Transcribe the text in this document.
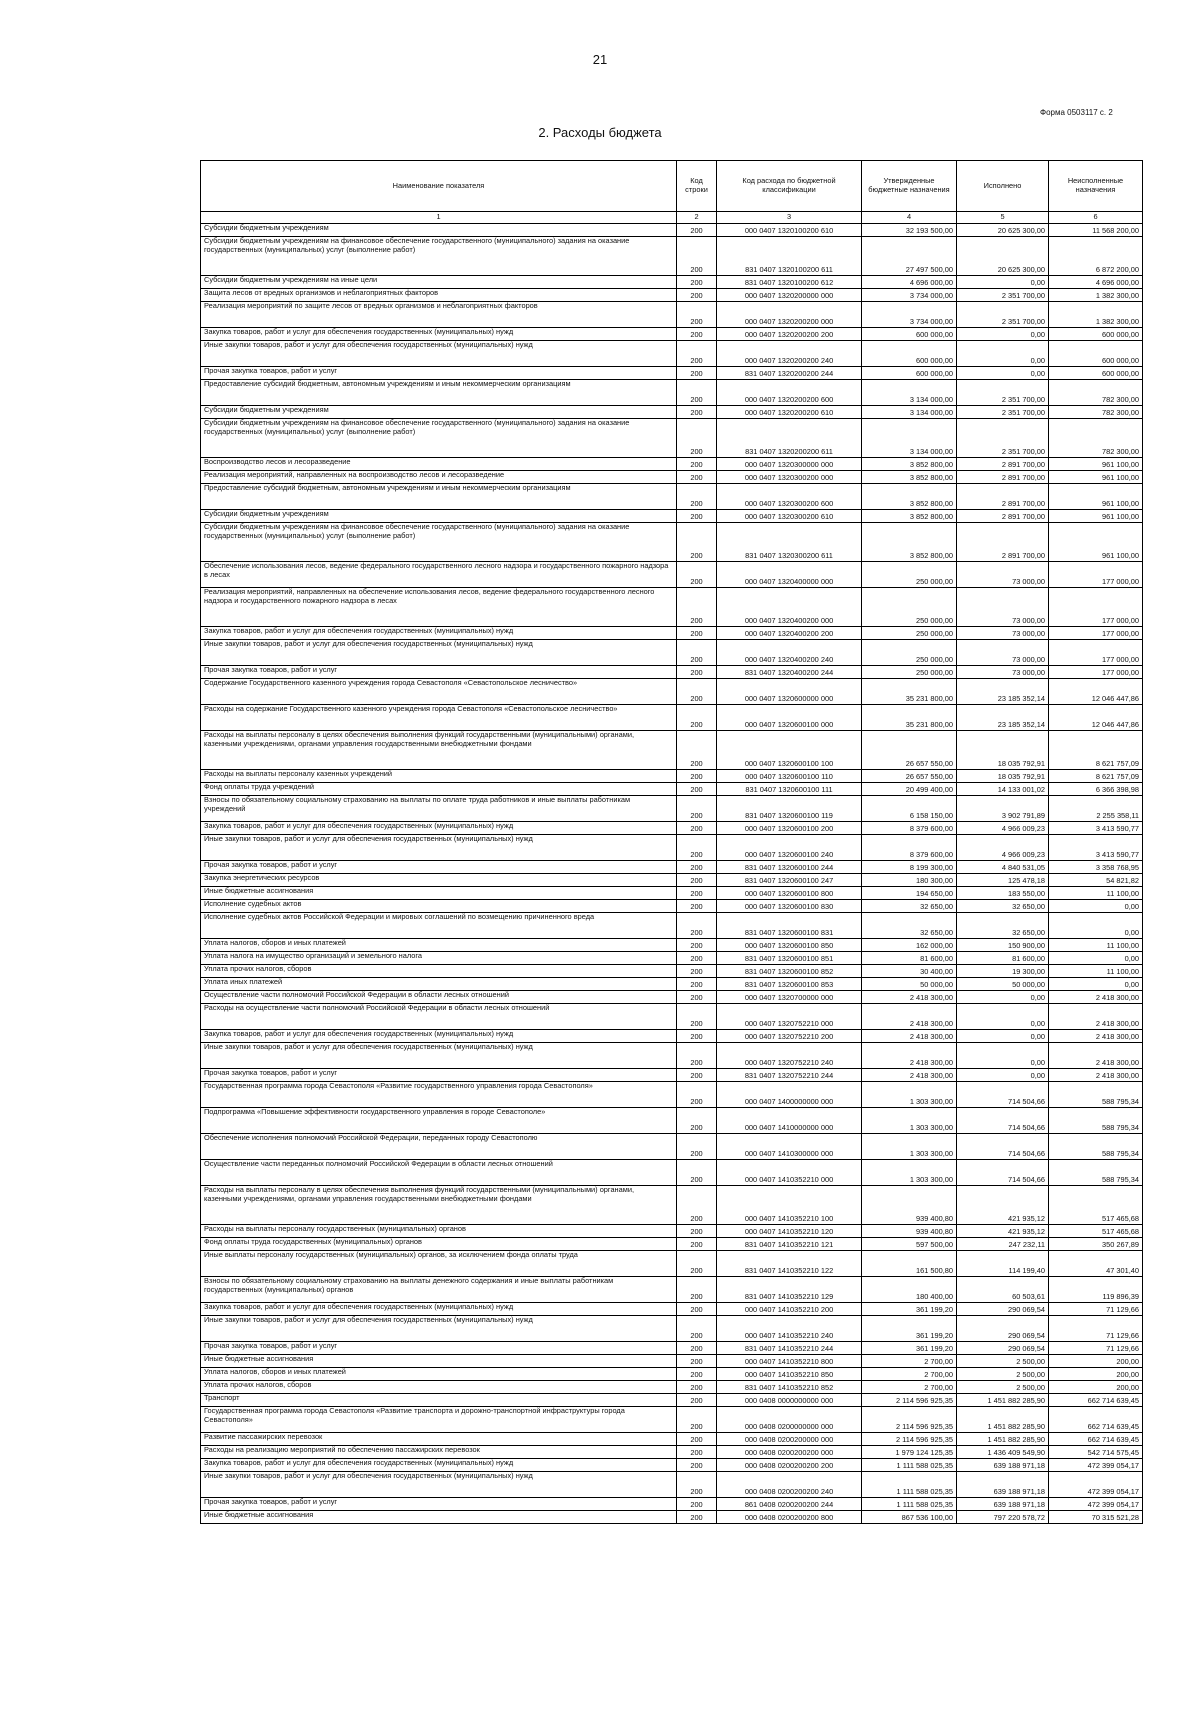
21
Форма 0503117 с. 2
2. Расходы бюджета
Наименование показателя	Код строки	Код расхода по бюджетной классификации	Утвержденные бюджетные назначения	Исполнено	Неисполненные назначения
1	2	3	4	5	6
Субсидии бюджетным учреждениям	200	000 0407 1320100200 610	32 193 500,00	20 625 300,00	11 568 200,00
Субсидии бюджетным учреждениям на финансовое обеспечение государственного (муниципального) задания на оказание государственных (муниципальных) услуг (выполнение работ)	200	831 0407 1320100200 611	27 497 500,00	20 625 300,00	6 872 200,00
Субсидии бюджетным учреждениям на иные цели	200	831 0407 1320100200 612	4 696 000,00	0,00	4 696 000,00
Защита лесов от вредных организмов и неблагоприятных факторов	200	000 0407 1320200000 000	3 734 000,00	2 351 700,00	1 382 300,00
Реализация мероприятий по защите лесов от вредных организмов и неблагоприятных факторов	200	000 0407 1320200200 000	3 734 000,00	2 351 700,00	1 382 300,00
Закупка товаров, работ и услуг для обеспечения государственных (муниципальных) нужд	200	000 0407 1320200200 200	600 000,00	0,00	600 000,00
Иные закупки товаров, работ и услуг для обеспечения государственных (муниципальных) нужд	200	000 0407 1320200200 240	600 000,00	0,00	600 000,00
Прочая закупка товаров, работ и услуг	200	831 0407 1320200200 244	600 000,00	0,00	600 000,00
Предоставление субсидий бюджетным, автономным учреждениям и иным некоммерческим организациям	200	000 0407 1320200200 600	3 134 000,00	2 351 700,00	782 300,00
Субсидии бюджетным учреждениям	200	000 0407 1320200200 610	3 134 000,00	2 351 700,00	782 300,00
Субсидии бюджетным учреждениям на финансовое обеспечение государственного (муниципального) задания на оказание государственных (муниципальных) услуг (выполнение работ)	200	831 0407 1320200200 611	3 134 000,00	2 351 700,00	782 300,00
Воспроизводство лесов и лесоразведение	200	000 0407 1320300000 000	3 852 800,00	2 891 700,00	961 100,00
Реализация мероприятий, направленных на воспроизводство лесов и лесоразведение	200	000 0407 1320300200 000	3 852 800,00	2 891 700,00	961 100,00
Предоставление субсидий бюджетным, автономным учреждениям и иным некоммерческим организациям	200	000 0407 1320300200 600	3 852 800,00	2 891 700,00	961 100,00
Субсидии бюджетным учреждениям	200	000 0407 1320300200 610	3 852 800,00	2 891 700,00	961 100,00
Субсидии бюджетным учреждениям на финансовое обеспечение государственного (муниципального) задания на оказание государственных (муниципальных) услуг (выполнение работ)	200	831 0407 1320300200 611	3 852 800,00	2 891 700,00	961 100,00
Обеспечение использования лесов, ведение федерального государственного лесного надзора и государственного пожарного надзора в лесах	200	000 0407 1320400000 000	250 000,00	73 000,00	177 000,00
Реализация мероприятий, направленных на обеспечение использования лесов, ведение федерального государственного лесного надзора и государственного пожарного надзора в лесах	200	000 0407 1320400200 000	250 000,00	73 000,00	177 000,00
Закупка товаров, работ и услуг для обеспечения государственных (муниципальных) нужд	200	000 0407 1320400200 200	250 000,00	73 000,00	177 000,00
Иные закупки товаров, работ и услуг для обеспечения государственных (муниципальных) нужд	200	000 0407 1320400200 240	250 000,00	73 000,00	177 000,00
Прочая закупка товаров, работ и услуг	200	831 0407 1320400200 244	250 000,00	73 000,00	177 000,00
Содержание Государственного казенного учреждения города Севастополя «Севастопольское лесничество»	200	000 0407 1320600000 000	35 231 800,00	23 185 352,14	12 046 447,86
Расходы на содержание Государственного казенного учреждения города Севастополя «Севастопольское лесничество»	200	000 0407 1320600100 000	35 231 800,00	23 185 352,14	12 046 447,86
Расходы на выплаты персоналу в целях обеспечения выполнения функций государственными (муниципальными) органами, казенными учреждениями, органами управления государственными внебюджетными фондами	200	000 0407 1320600100 100	26 657 550,00	18 035 792,91	8 621 757,09
Расходы на выплаты персоналу казенных учреждений	200	000 0407 1320600100 110	26 657 550,00	18 035 792,91	8 621 757,09
Фонд оплаты труда учреждений	200	831 0407 1320600100 111	20 499 400,00	14 133 001,02	6 366 398,98
Взносы по обязательному социальному страхованию на выплаты по оплате труда работников и иные выплаты работникам учреждений	200	831 0407 1320600100 119	6 158 150,00	3 902 791,89	2 255 358,11
Закупка товаров, работ и услуг для обеспечения государственных (муниципальных) нужд	200	000 0407 1320600100 200	8 379 600,00	4 966 009,23	3 413 590,77
Иные закупки товаров, работ и услуг для обеспечения государственных (муниципальных) нужд	200	000 0407 1320600100 240	8 379 600,00	4 966 009,23	3 413 590,77
Прочая закупка товаров, работ и услуг	200	831 0407 1320600100 244	8 199 300,00	4 840 531,05	3 358 768,95
Закупка энергетических ресурсов	200	831 0407 1320600100 247	180 300,00	125 478,18	54 821,82
Иные бюджетные ассигнования	200	000 0407 1320600100 800	194 650,00	183 550,00	11 100,00
Исполнение судебных актов	200	000 0407 1320600100 830	32 650,00	32 650,00	0,00
Исполнение судебных актов Российской Федерации и мировых соглашений по возмещению причиненного вреда	200	831 0407 1320600100 831	32 650,00	32 650,00	0,00
Уплата налогов, сборов и иных платежей	200	000 0407 1320600100 850	162 000,00	150 900,00	11 100,00
Уплата налога на имущество организаций и земельного налога	200	831 0407 1320600100 851	81 600,00	81 600,00	0,00
Уплата прочих налогов, сборов	200	831 0407 1320600100 852	30 400,00	19 300,00	11 100,00
Уплата иных платежей	200	831 0407 1320600100 853	50 000,00	50 000,00	0,00
Осуществление части полномочий Российской Федерации в области лесных отношений	200	000 0407 1320700000 000	2 418 300,00	0,00	2 418 300,00
Расходы на осуществление части полномочий Российской Федерации в области лесных отношений	200	000 0407 1320752210 000	2 418 300,00	0,00	2 418 300,00
Закупка товаров, работ и услуг для обеспечения государственных (муниципальных) нужд	200	000 0407 1320752210 200	2 418 300,00	0,00	2 418 300,00
Иные закупки товаров, работ и услуг для обеспечения государственных (муниципальных) нужд	200	000 0407 1320752210 240	2 418 300,00	0,00	2 418 300,00
Прочая закупка товаров, работ и услуг	200	831 0407 1320752210 244	2 418 300,00	0,00	2 418 300,00
Государственная программа города Севастополя «Развитие государственного управления города Севастополя»	200	000 0407 1400000000 000	1 303 300,00	714 504,66	588 795,34
Подпрограмма «Повышение эффективности государственного управления в городе Севастополе»	200	000 0407 1410000000 000	1 303 300,00	714 504,66	588 795,34
Обеспечение исполнения полномочий Российской Федерации, переданных городу Севастополю	200	000 0407 1410300000 000	1 303 300,00	714 504,66	588 795,34
Осуществление части переданных полномочий Российской Федерации в области лесных отношений	200	000 0407 1410352210 000	1 303 300,00	714 504,66	588 795,34
Расходы на выплаты персоналу в целях обеспечения выполнения функций государственными (муниципальными) органами, казенными учреждениями, органами управления государственными внебюджетными фондами	200	000 0407 1410352210 100	939 400,80	421 935,12	517 465,68
Расходы на выплаты персоналу государственных (муниципальных) органов	200	000 0407 1410352210 120	939 400,80	421 935,12	517 465,68
Фонд оплаты труда государственных (муниципальных) органов	200	831 0407 1410352210 121	597 500,00	247 232,11	350 267,89
Иные выплаты персоналу государственных (муниципальных) органов, за исключением фонда оплаты труда	200	831 0407 1410352210 122	161 500,80	114 199,40	47 301,40
Взносы по обязательному социальному страхованию на выплаты денежного содержания и иные выплаты работникам государственных (муниципальных) органов	200	831 0407 1410352210 129	180 400,00	60 503,61	119 896,39
Закупка товаров, работ и услуг для обеспечения государственных (муниципальных) нужд	200	000 0407 1410352210 200	361 199,20	290 069,54	71 129,66
Иные закупки товаров, работ и услуг для обеспечения государственных (муниципальных) нужд	200	000 0407 1410352210 240	361 199,20	290 069,54	71 129,66
Прочая закупка товаров, работ и услуг	200	831 0407 1410352210 244	361 199,20	290 069,54	71 129,66
Иные бюджетные ассигнования	200	000 0407 1410352210 800	2 700,00	2 500,00	200,00
Уплата налогов, сборов и иных платежей	200	000 0407 1410352210 850	2 700,00	2 500,00	200,00
Уплата прочих налогов, сборов	200	831 0407 1410352210 852	2 700,00	2 500,00	200,00
Транспорт	200	000 0408 0000000000 000	2 114 596 925,35	1 451 882 285,90	662 714 639,45
Государственная программа города Севастополя «Развитие транспорта и дорожно-транспортной инфраструктуры города Севастополя»	200	000 0408 0200000000 000	2 114 596 925,35	1 451 882 285,90	662 714 639,45
Развитие пассажирских перевозок	200	000 0408 0200200000 000	2 114 596 925,35	1 451 882 285,90	662 714 639,45
Расходы на реализацию мероприятий по обеспечению пассажирских перевозок	200	000 0408 0200200200 000	1 979 124 125,35	1 436 409 549,90	542 714 575,45
Закупка товаров, работ и услуг для обеспечения государственных (муниципальных) нужд	200	000 0408 0200200200 200	1 111 588 025,35	639 188 971,18	472 399 054,17
Иные закупки товаров, работ и услуг для обеспечения государственных (муниципальных) нужд	200	000 0408 0200200200 240	1 111 588 025,35	639 188 971,18	472 399 054,17
Прочая закупка товаров, работ и услуг	200	861 0408 0200200200 244	1 111 588 025,35	639 188 971,18	472 399 054,17
Иные бюджетные ассигнования	200	000 0408 0200200200 800	867 536 100,00	797 220 578,72	70 315 521,28
